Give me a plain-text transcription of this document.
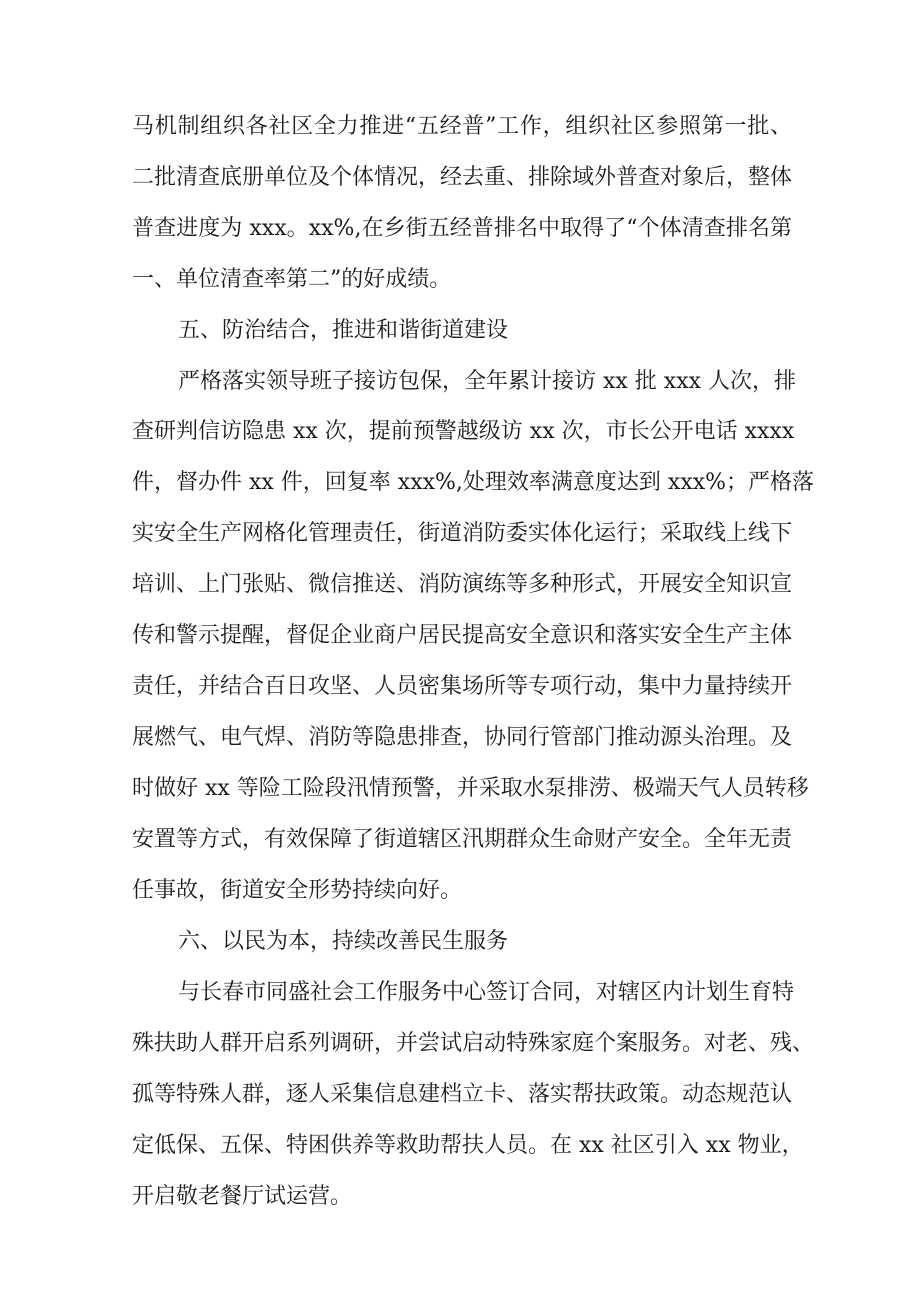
马机制组织各社区全力推进“五经普”工作，组织社区参照第一批、
二批清查底册单位及个体情况，经去重、排除域外普查对象后，整体
普查进度为 xxx。xx%,在乡街五经普排名中取得了“个体清查排名第
一、单位清查率第二”的好成绩。
五、防治结合，推进和谐街道建设
严格落实领导班子接访包保，全年累计接访 xx 批 xxx 人次，排
查研判信访隐患 xx 次，提前预警越级访 xx 次，市长公开电话 xxxx
件，督办件 xx 件，回复率 xxx%,处理效率满意度达到 xxx%；严格落
实安全生产网格化管理责任，街道消防委实体化运行；采取线上线下
培训、上门张贴、微信推送、消防演练等多种形式，开展安全知识宣
传和警示提醒，督促企业商户居民提高安全意识和落实安全生产主体
责任，并结合百日攻坚、人员密集场所等专项行动，集中力量持续开
展燃气、电气焊、消防等隐患排查，协同行管部门推动源头治理。及
时做好 xx 等险工险段汛情预警，并采取水泵排涝、极端天气人员转移
安置等方式，有效保障了街道辖区汛期群众生命财产安全。全年无责
任事故，街道安全形势持续向好。
六、以民为本，持续改善民生服务
与长春市同盛社会工作服务中心签订合同，对辖区内计划生育特
殊扶助人群开启系列调研，并尝试启动特殊家庭个案服务。对老、残、
孤等特殊人群，逐人采集信息建档立卡、落实帮扶政策。动态规范认
定低保、五保、特困供养等救助帮扶人员。在 xx 社区引入 xx 物业，
开启敬老餐厅试运营。
